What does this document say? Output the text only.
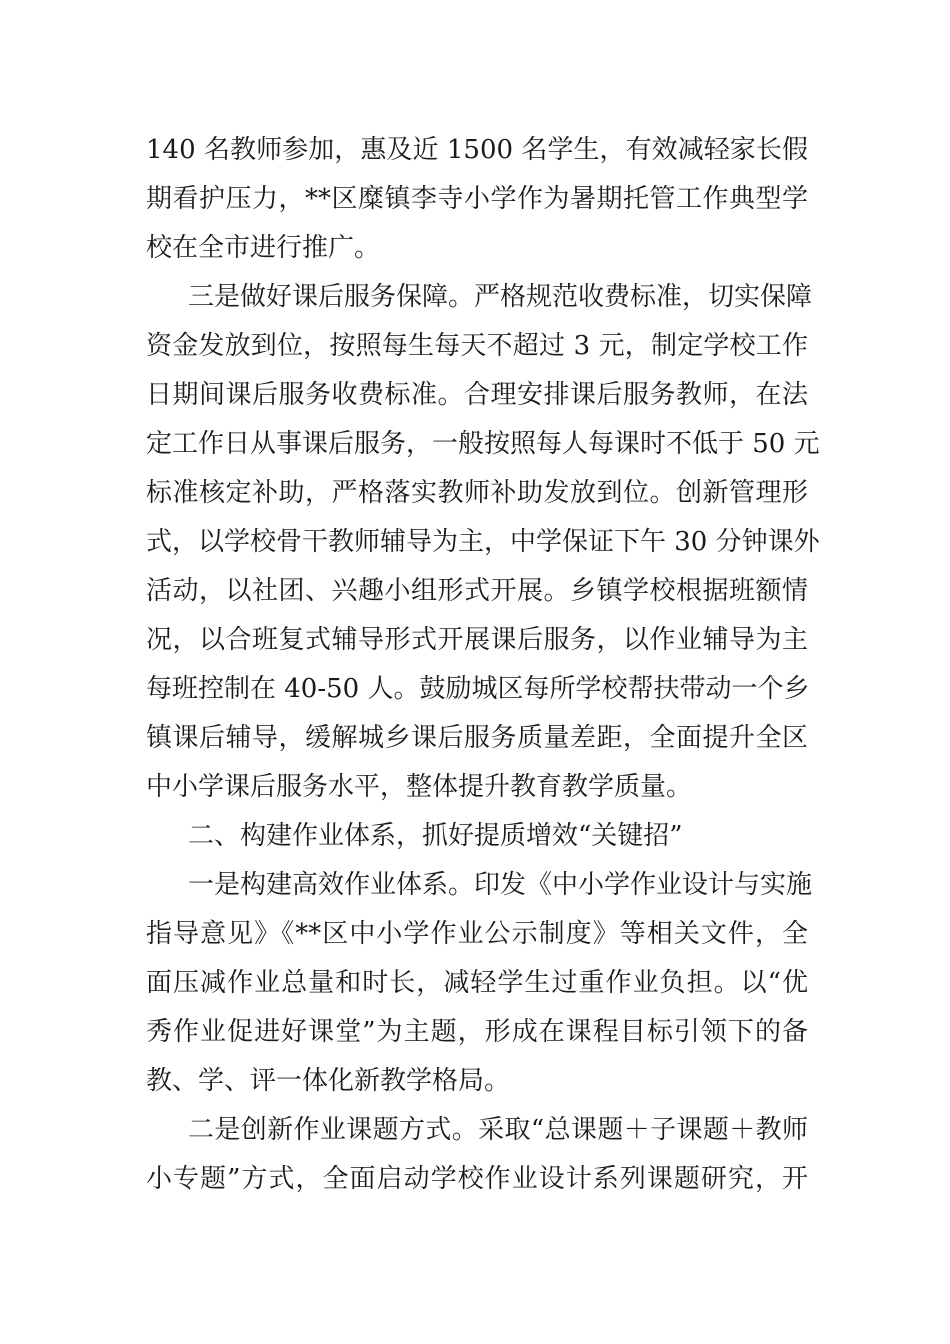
140 名教师参加，惠及近 1500 名学生，有效减轻家长假
期看护压力，**区糜镇李寺小学作为暑期托管工作典型学
校在全市进行推广。
三是做好课后服务保障。严格规范收费标准，切实保障
资金发放到位，按照每生每天不超过 3 元，制定学校工作
日期间课后服务收费标准。合理安排课后服务教师，在法
定工作日从事课后服务，一般按照每人每课时不低于 50 元
标准核定补助，严格落实教师补助发放到位。创新管理形
式，以学校骨干教师辅导为主，中学保证下午 30 分钟课外
活动，以社团、兴趣小组形式开展。乡镇学校根据班额情
况，以合班复式辅导形式开展课后服务，以作业辅导为主
每班控制在 40-50 人。鼓励城区每所学校帮扶带动一个乡
镇课后辅导，缓解城乡课后服务质量差距，全面提升全区
中小学课后服务水平，整体提升教育教学质量。
二、构建作业体系，抓好提质增效“关键招”
一是构建高效作业体系。印发《中小学作业设计与实施
指导意见》《**区中小学作业公示制度》等相关文件，全
面压减作业总量和时长，减轻学生过重作业负担。以“优
秀作业促进好课堂”为主题，形成在课程目标引领下的备
教、学、评一体化新教学格局。
二是创新作业课题方式。采取“总课题＋子课题＋教师
小专题”方式，全面启动学校作业设计系列课题研究，开
